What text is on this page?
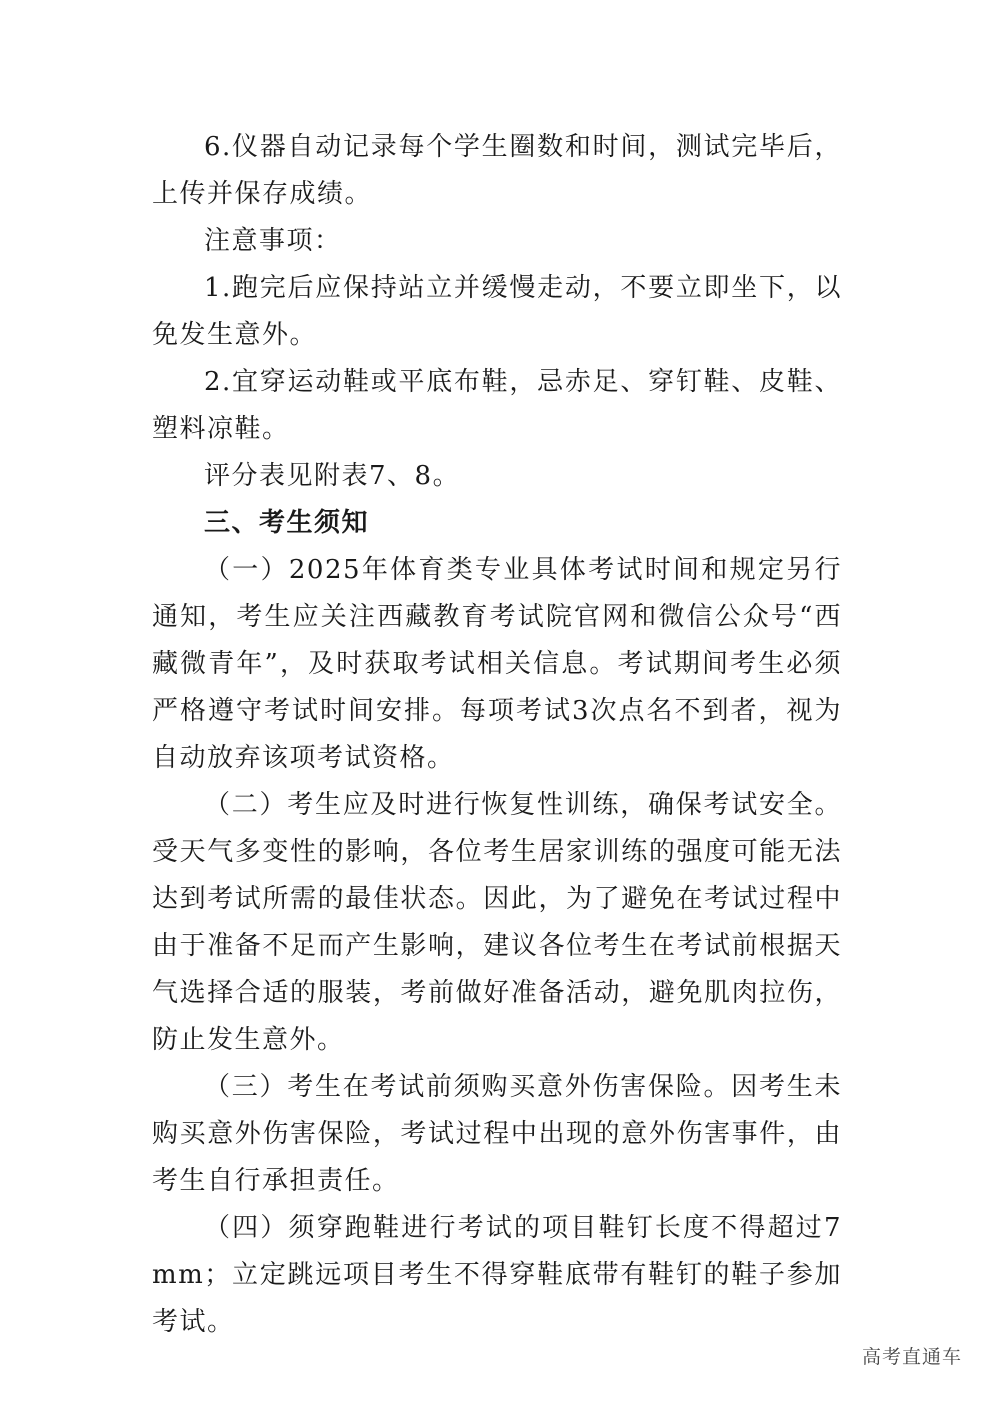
6.仪器自动记录每个学生圈数和时间，测试完毕后，上传并保存成绩。

注意事项：

1.跑完后应保持站立并缓慢走动，不要立即坐下，以免发生意外。

2.宜穿运动鞋或平底布鞋，忌赤足、穿钉鞋、皮鞋、塑料凉鞋。

评分表见附表7、8。

三、考生须知

（一）2025年体育类专业具体考试时间和规定另行通知，考生应关注西藏教育考试院官网和微信公众号“西藏微青年”，及时获取考试相关信息。考试期间考生必须严格遵守考试时间安排。每项考试3次点名不到者，视为自动放弃该项考试资格。

（二）考生应及时进行恢复性训练，确保考试安全。受天气多变性的影响，各位考生居家训练的强度可能无法达到考试所需的最佳状态。因此，为了避免在考试过程中由于准备不足而产生影响，建议各位考生在考试前根据天气选择合适的服装，考前做好准备活动，避免肌肉拉伤，防止发生意外。

（三）考生在考试前须购买意外伤害保险。因考生未购买意外伤害保险，考试过程中出现的意外伤害事件，由考生自行承担责任。

（四）须穿跑鞋进行考试的项目鞋钉长度不得超过7mm；立定跳远项目考生不得穿鞋底带有鞋钉的鞋子参加考试。

高考直通车
